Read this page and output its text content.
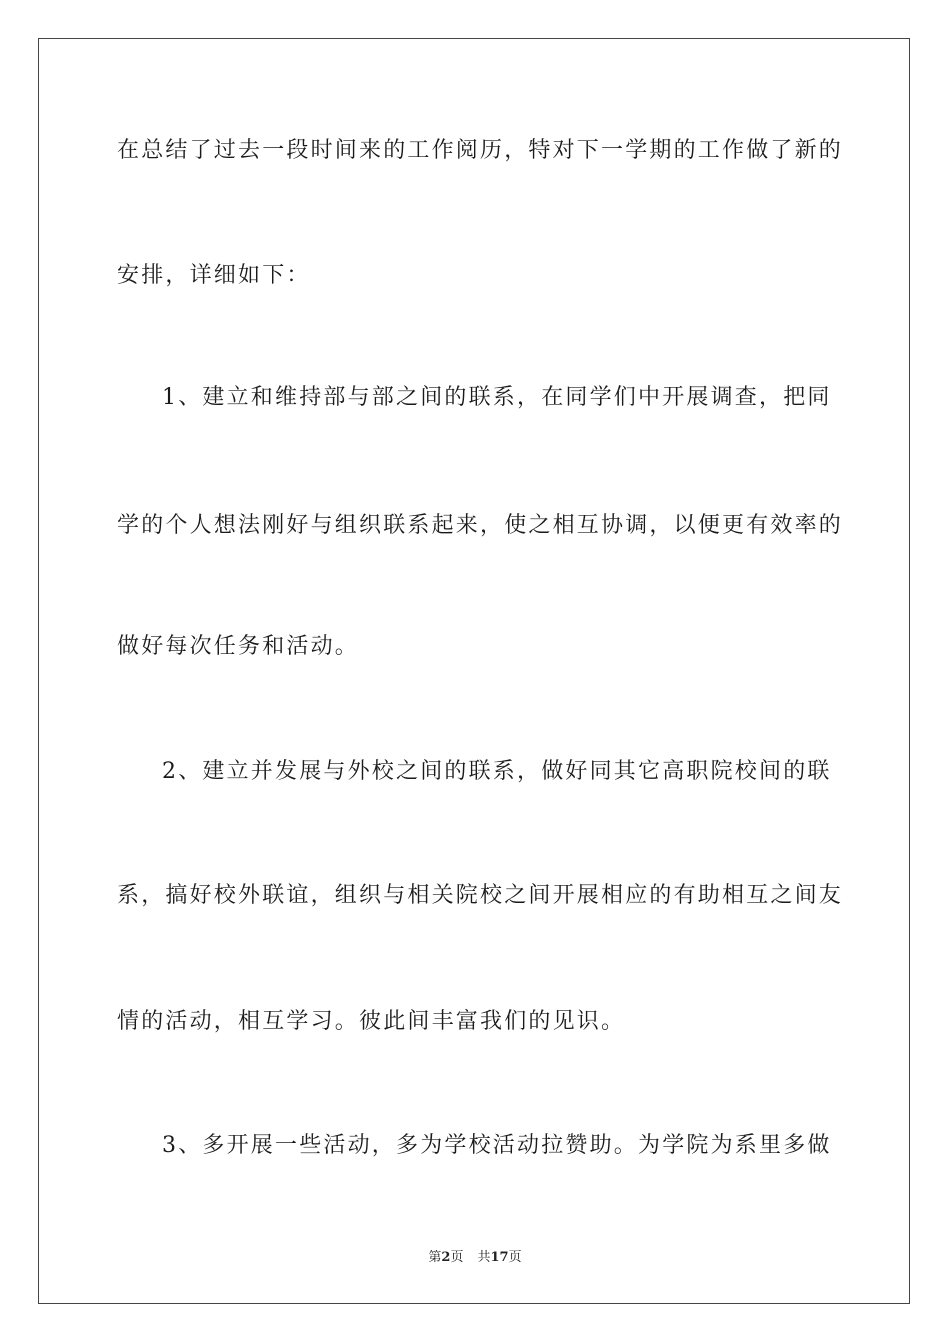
在总结了过去一段时间来的工作阅历，特对下一学期的工作做了新的
安排，详细如下：
1、建立和维持部与部之间的联系，在同学们中开展调查，把同
学的个人想法刚好与组织联系起来，使之相互协调，以便更有效率的
做好每次任务和活动。
2、建立并发展与外校之间的联系，做好同其它高职院校间的联
系，搞好校外联谊，组织与相关院校之间开展相应的有助相互之间友
情的活动，相互学习。彼此间丰富我们的见识。
3、多开展一些活动，多为学校活动拉赞助。为学院为系里多做
第2页 共17页
